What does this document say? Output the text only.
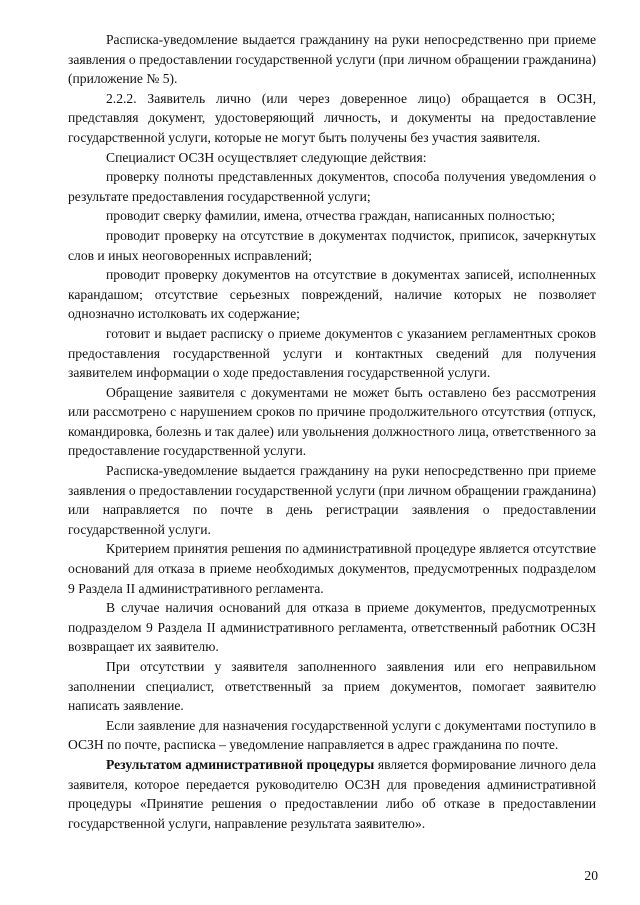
Расписка-уведомление выдается гражданину на руки непосредственно при приеме заявления о предоставлении государственной услуги (при личном обращении гражданина) (приложение № 5).

2.2.2. Заявитель лично (или через доверенное лицо) обращается в ОСЗН, представляя документ, удостоверяющий личность, и документы на предоставление государственной услуги, которые не могут быть получены без участия заявителя.

Специалист ОСЗН осуществляет следующие действия:

проверку полноты представленных документов, способа получения уведомления о результате предоставления государственной услуги;

проводит сверку фамилии, имена, отчества граждан, написанных полностью;

проводит проверку на отсутствие в документах подчисток, приписок, зачеркнутых слов и иных неоговоренных исправлений;

проводит проверку документов на отсутствие в документах записей, исполненных карандашом; отсутствие серьезных повреждений, наличие которых не позволяет однозначно истолковать их содержание;

готовит и выдает расписку о приеме документов с указанием регламентных сроков предоставления государственной услуги и контактных сведений для получения заявителем информации о ходе предоставления государственной услуги.

Обращение заявителя с документами не может быть оставлено без рассмотрения или рассмотрено с нарушением сроков по причине продолжительного отсутствия (отпуск, командировка, болезнь и так далее) или увольнения должностного лица, ответственного за предоставление государственной услуги.

Расписка-уведомление выдается гражданину на руки непосредственно при приеме заявления о предоставлении государственной услуги (при личном обращении гражданина) или направляется по почте в день регистрации заявления о предоставлении государственной услуги.

Критерием принятия решения по административной процедуре является отсутствие оснований для отказа в приеме необходимых документов, предусмотренных подразделом 9 Раздела II административного регламента.

В случае наличия оснований для отказа в приеме документов, предусмотренных подразделом 9 Раздела II административного регламента, ответственный работник ОСЗН возвращает их заявителю.

При отсутствии у заявителя заполненного заявления или его неправильном заполнении специалист, ответственный за прием документов, помогает заявителю написать заявление.

Если заявление для назначения государственной услуги с документами поступило в ОСЗН по почте, расписка – уведомление направляется в адрес гражданина по почте.

Результатом административной процедуры является формирование личного дела заявителя, которое передается руководителю ОСЗН для проведения административной процедуры «Принятие решения о предоставлении либо об отказе в предоставлении государственной услуги, направление результата заявителю».

20
